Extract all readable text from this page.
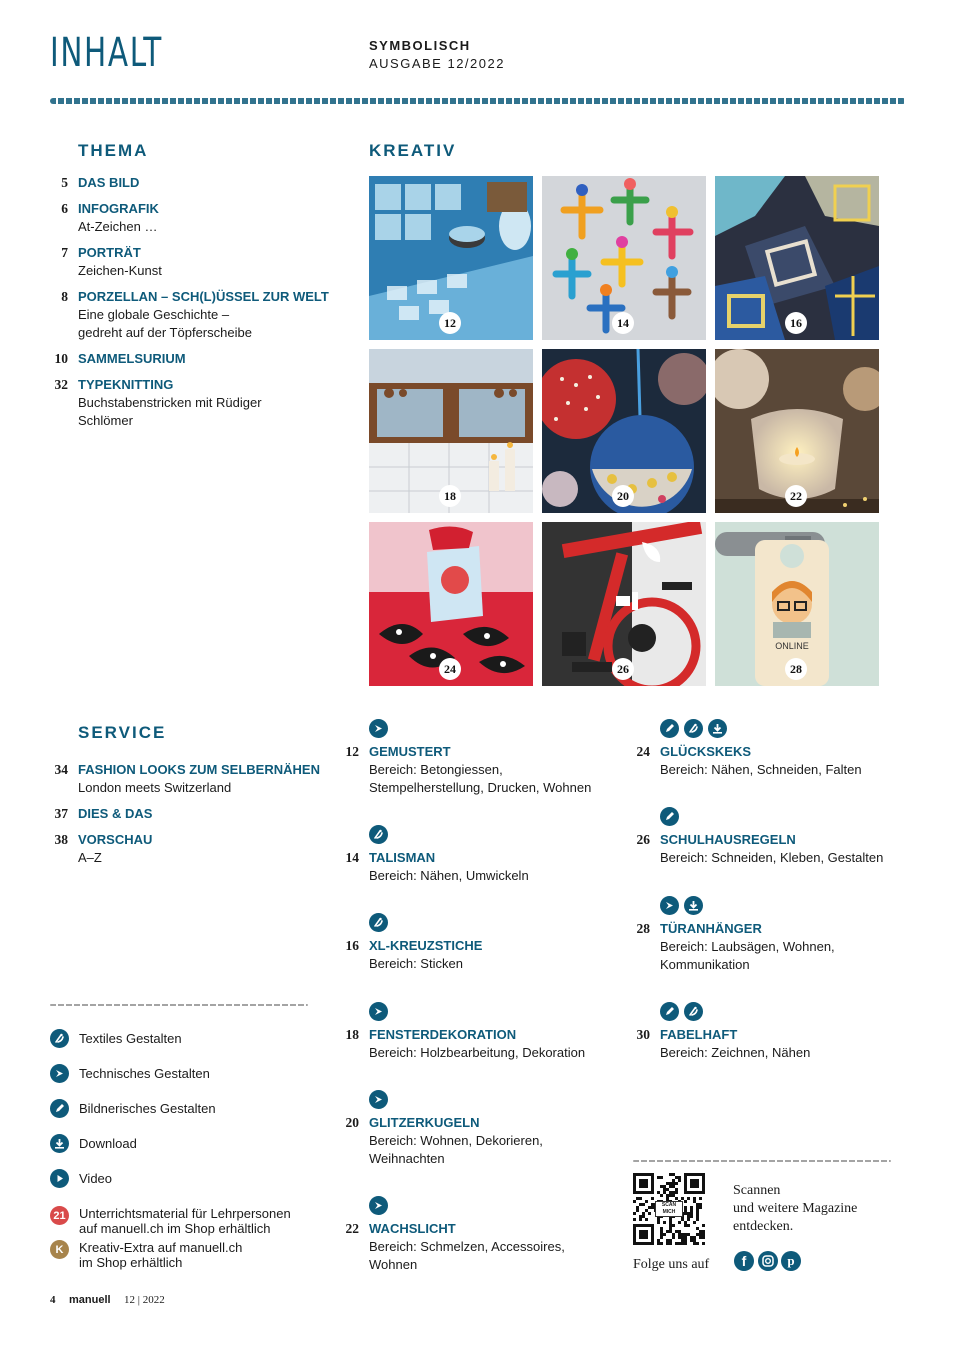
INHALT	SYMBOLISCH
AUSGABE 12/2022
THEMA
5 DAS BILD
6 INFOGRAFIK
At-Zeichen …
7 PORTRÄT
Zeichen-Kunst
8 PORZELLAN – SCH(L)ÜSSEL ZUR WELT
Eine globale Geschichte –
gedreht auf der Töpferscheibe
10 SAMMELSURIUM
32 TYPEKNITTING
Buchstabenstricken mit Rüdiger
Schlömer
KREATIV
12	14	16
18	20	22
24	26
ONLINE
28
SERVICE
34 FASHION LOOKS ZUM SELBERNÄHEN
London meets Switzerland
37 DIES & DAS
38 VORSCHAU
A–Z
12 GEMUSTERT
Bereich: Betongiessen,
Stempelherstellung, Drucken, Wohnen
14 TALISMAN
Bereich: Nähen, Umwickeln
16 XL-KREUZSTICHE
Bereich: Sticken
18 FENSTERDEKORATION
Bereich: Holzbearbeitung, Dekoration
20 GLITZERKUGELN
Bereich: Wohnen, Dekorieren,
Weihnachten
22 WACHSLICHT
Bereich: Schmelzen, Accessoires,
Wohnen
24 GLÜCKSKEKS
Bereich: Nähen, Schneiden, Falten
26 SCHULHAUSREGELN
Bereich: Schneiden, Kleben, Gestalten
28 TÜRANHÄNGER
Bereich: Laubsägen, Wohnen,
Kommunikation
30 FABELHAFT
Bereich: Zeichnen, Nähen
Textiles Gestalten
Technisches Gestalten
Bildnerisches Gestalten
Download
Video
21 Unterrichtsmaterial für Lehrpersonen
auf manuell.ch im Shop erhältlich
K	Kreativ-Extra auf manuell.ch
im Shop erhältlich
SCAN MICH
Scannen
und weitere Magazine
entdecken.
Folge uns auf	f	p
4 manuell 12 | 2022
